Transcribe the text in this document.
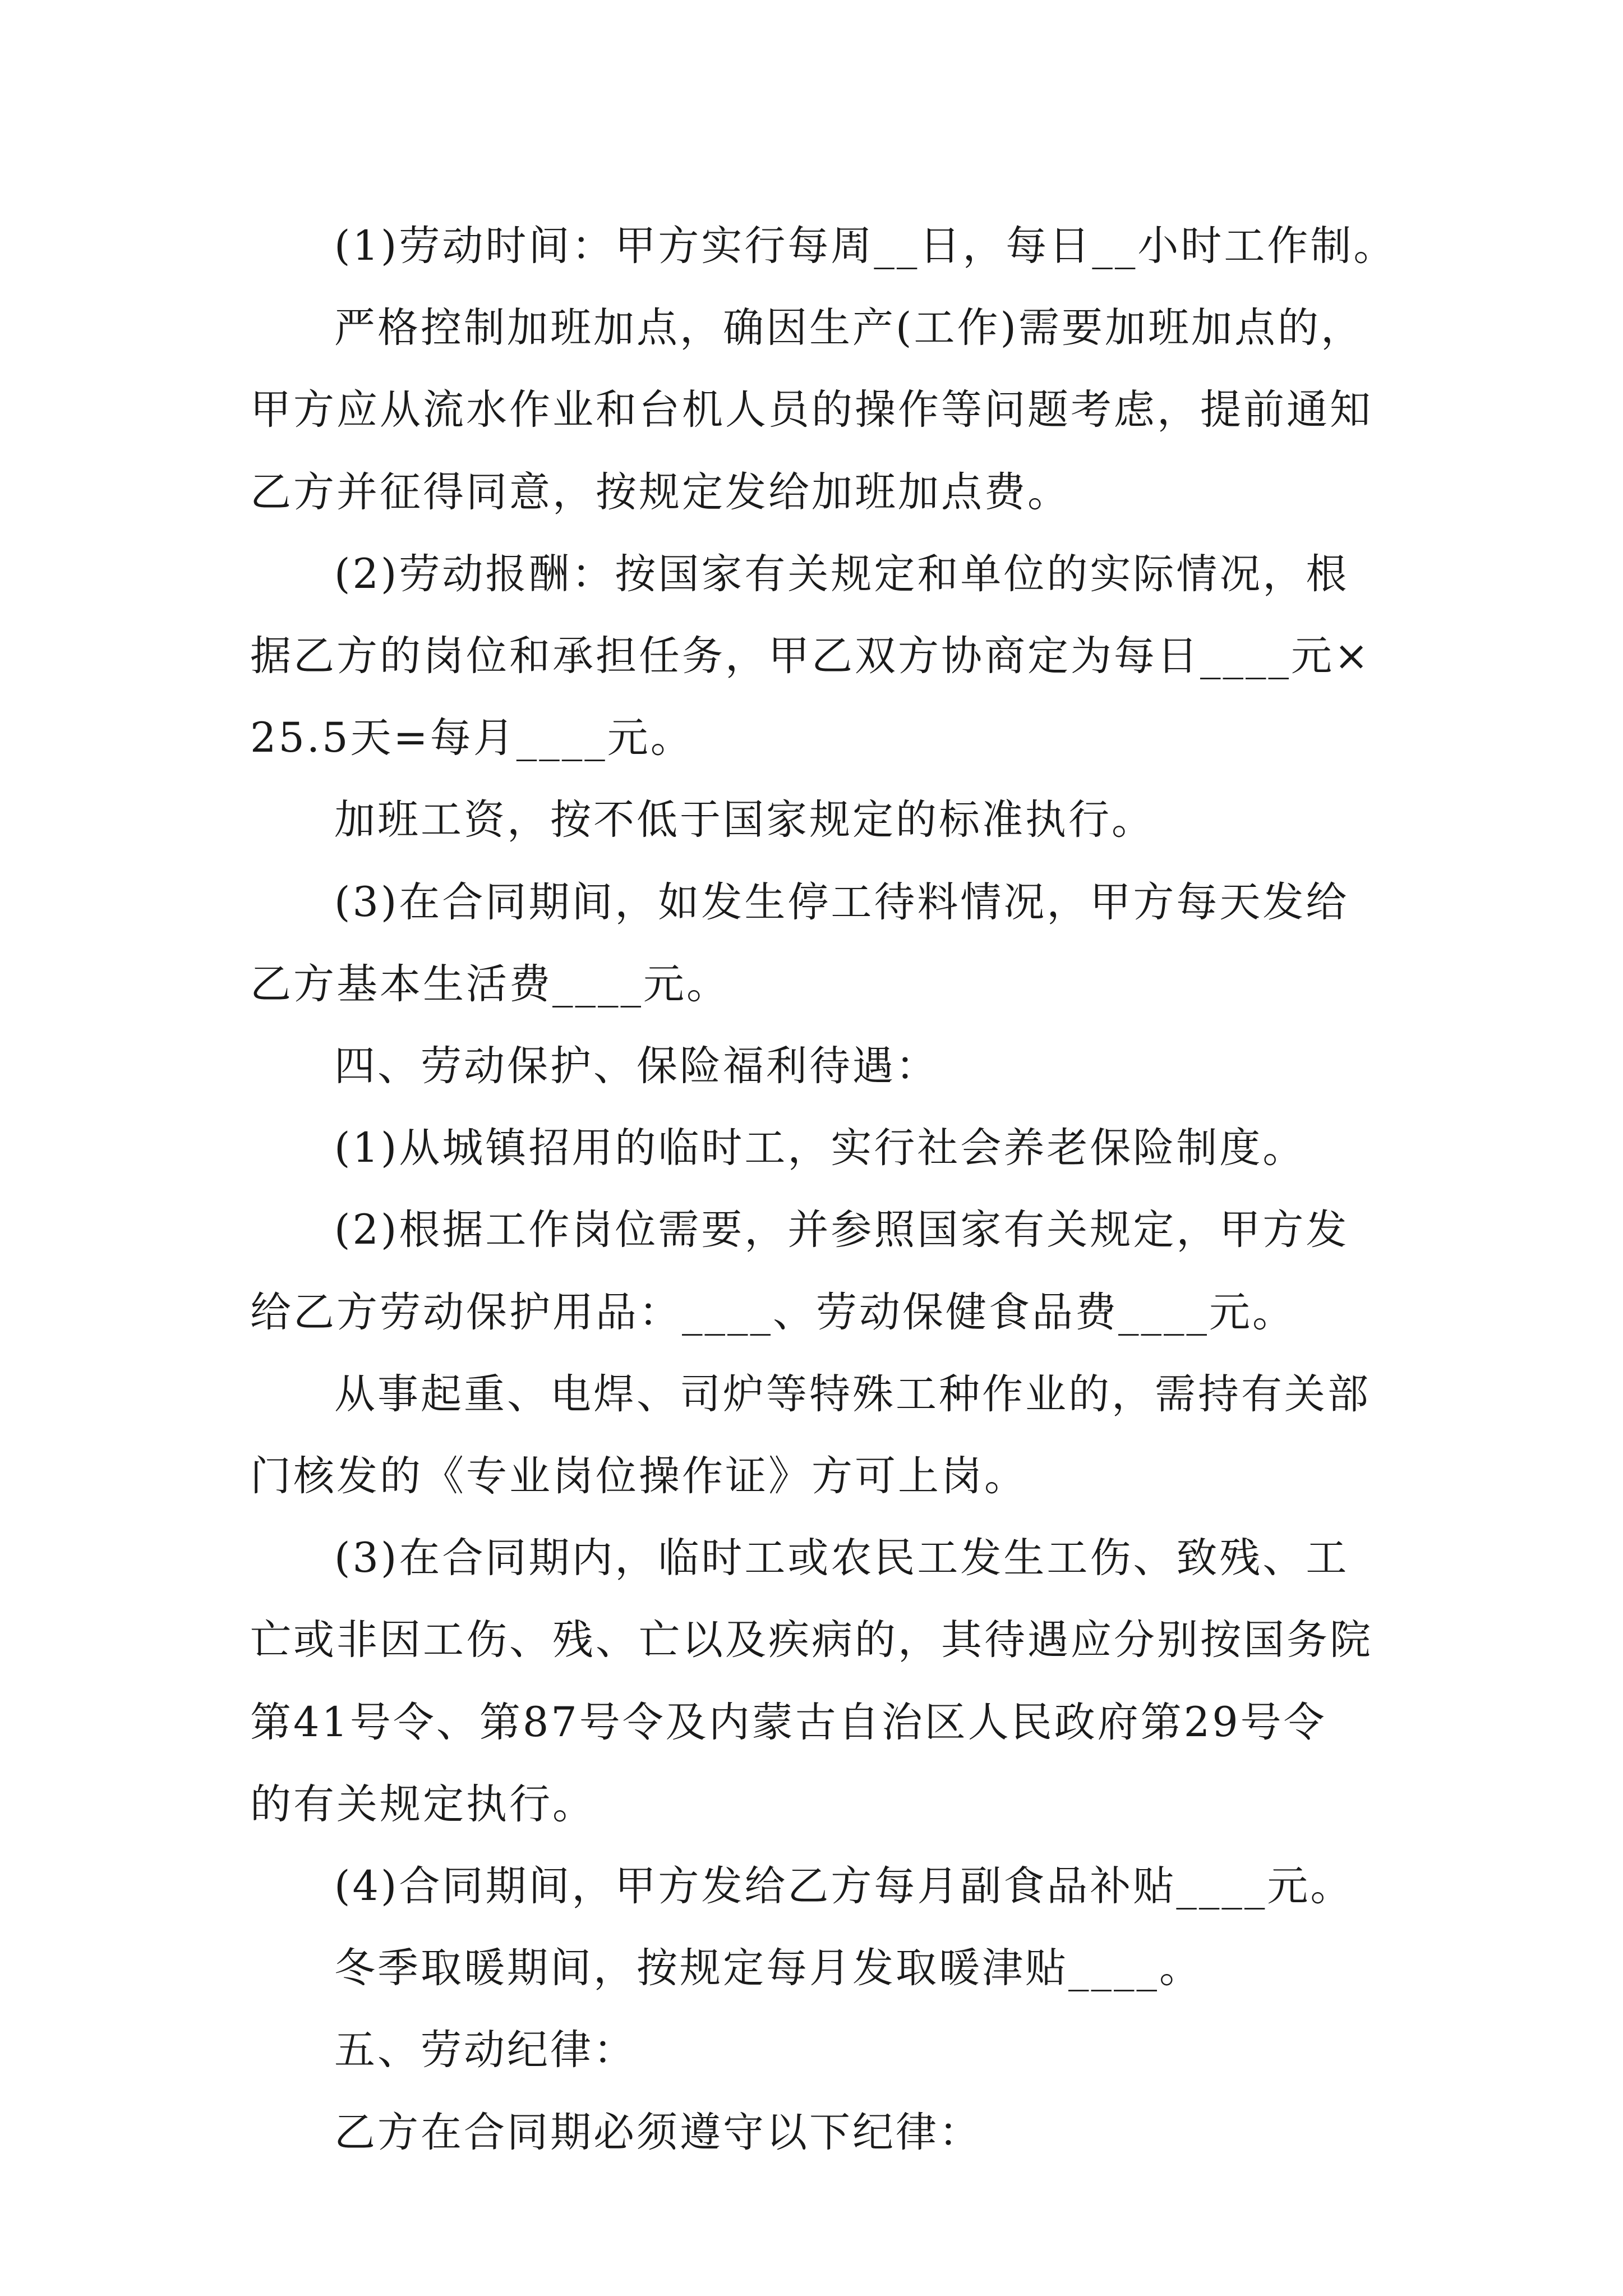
(1)劳动时间：甲方实行每周__日，每日__小时工作制。
严格控制加班加点，确因生产(工作)需要加班加点的，
甲方应从流水作业和台机人员的操作等问题考虑，提前通知
乙方并征得同意，按规定发给加班加点费。
(2)劳动报酬：按国家有关规定和单位的实际情况，根
据乙方的岗位和承担任务，甲乙双方协商定为每日____元×
25.5天=每月____元。
加班工资，按不低于国家规定的标准执行。
(3)在合同期间，如发生停工待料情况，甲方每天发给
乙方基本生活费____元。
四、劳动保护、保险福利待遇：
(1)从城镇招用的临时工，实行社会养老保险制度。
(2)根据工作岗位需要，并参照国家有关规定，甲方发
给乙方劳动保护用品：____、劳动保健食品费____元。
从事起重、电焊、司炉等特殊工种作业的，需持有关部
门核发的《专业岗位操作证》方可上岗。
(3)在合同期内，临时工或农民工发生工伤、致残、工
亡或非因工伤、残、亡以及疾病的，其待遇应分别按国务院
第41号令、第87号令及内蒙古自治区人民政府第29号令
的有关规定执行。
(4)合同期间，甲方发给乙方每月副食品补贴____元。
冬季取暖期间，按规定每月发取暖津贴____。
五、劳动纪律：
乙方在合同期必须遵守以下纪律：
